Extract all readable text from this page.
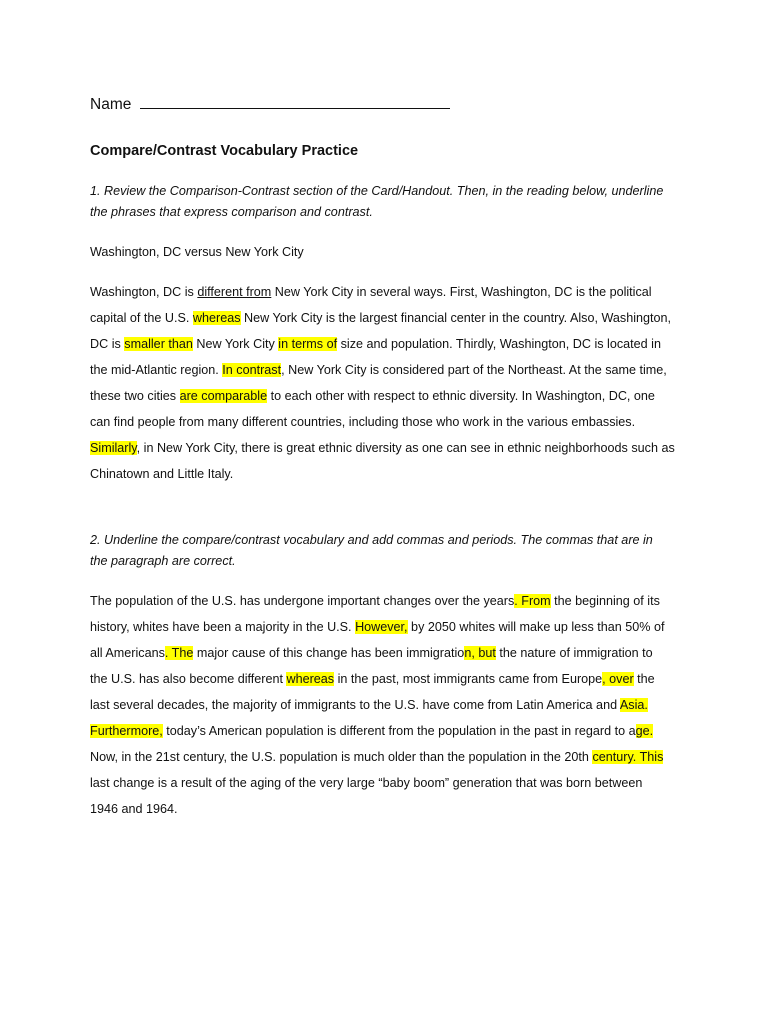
Name
Compare/Contrast Vocabulary Practice
1. Review the Comparison-Contrast section of the Card/Handout. Then, in the reading below, underline
the phrases that express comparison and contrast.
Washington, DC versus New York City
Washington, DC is different from New York City in several ways. First, Washington, DC is the political
capital of the U.S. whereas New York City is the largest financial center in the country. Also, Washington,
DC is smaller than New York City in terms of size and population. Thirdly, Washington, DC is located in
the mid-Atlantic region. In contrast, New York City is considered part of the Northeast. At the same time,
these two cities are comparable to each other with respect to ethnic diversity. In Washington, DC, one
can find people from many different countries, including those who work in the various embassies.
Similarly, in New York City, there is great ethnic diversity as one can see in ethnic neighborhoods such as
Chinatown and Little Italy.
2. Underline the compare/contrast vocabulary and add commas and periods. The commas that are in
the paragraph are correct.
The population of the U.S. has undergone important changes over the years. From the beginning of its
history, whites have been a majority in the U.S. However, by 2050 whites will make up less than 50% of
all Americans. The major cause of this change has been immigration, but the nature of immigration to
the U.S. has also become different whereas in the past, most immigrants came from Europe, over the
last several decades, the majority of immigrants to the U.S. have come from Latin America and Asia.
Furthermore, today’s American population is different from the population in the past in regard to age.
Now, in the 21st century, the U.S. population is much older than the population in the 20th century. This
last change is a result of the aging of the very large “baby boom” generation that was born between
1946 and 1964.
